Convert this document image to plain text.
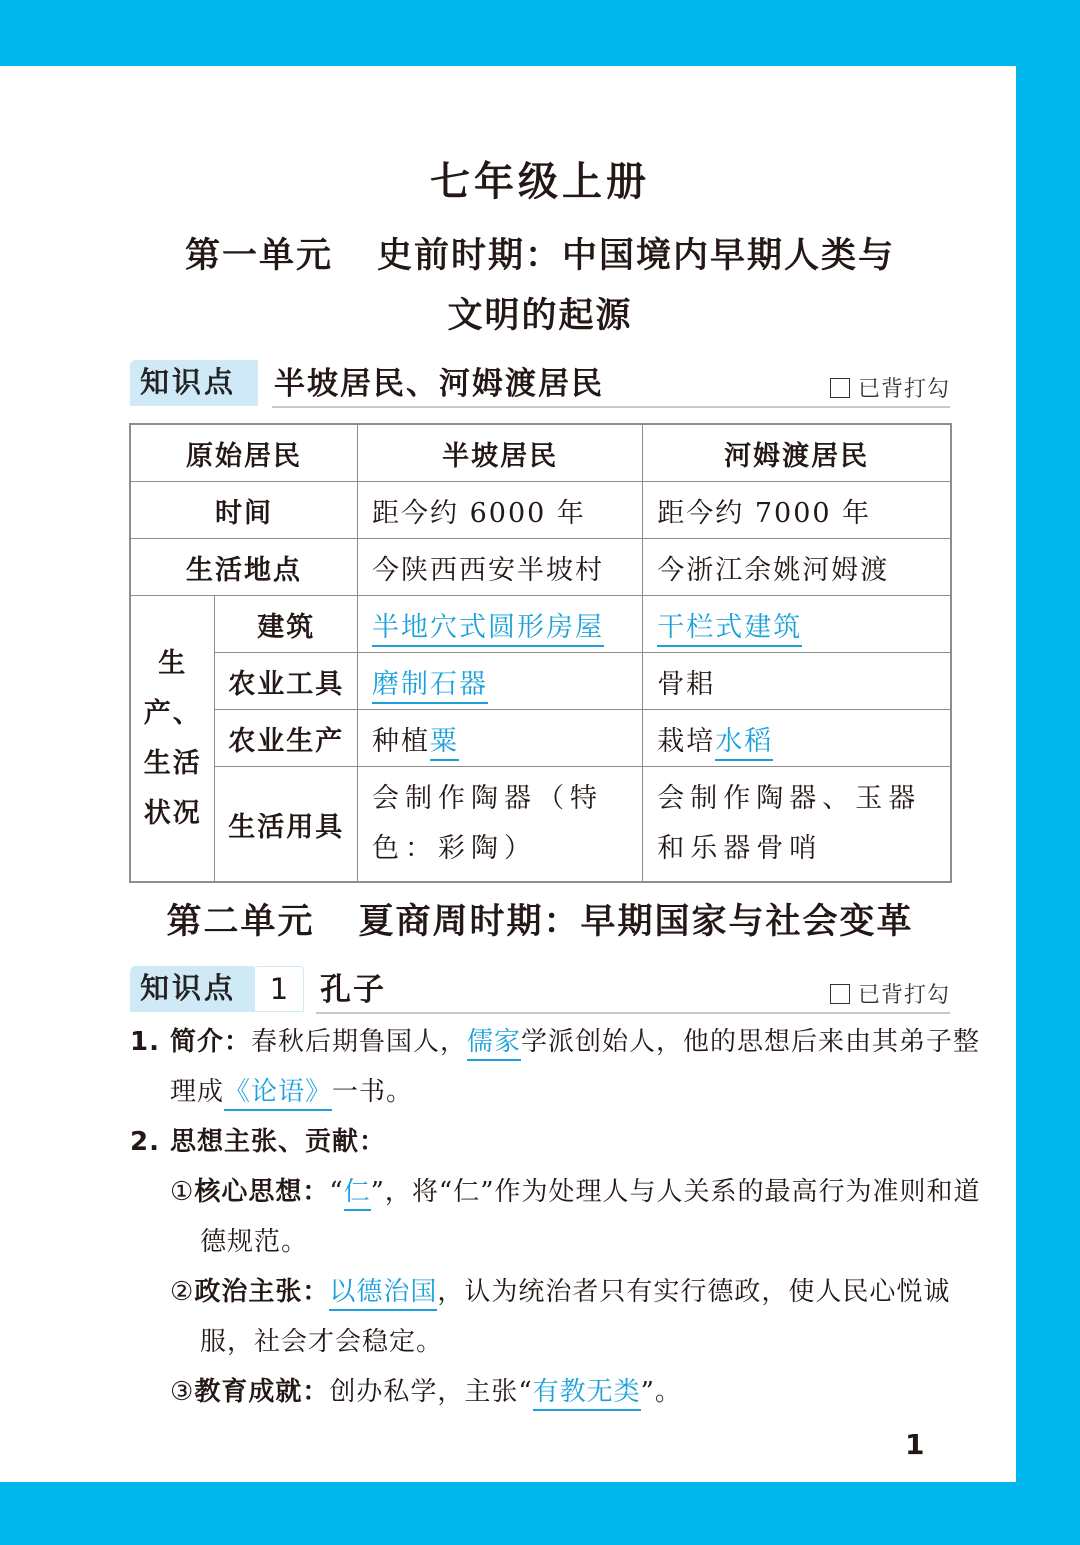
七年级上册
第一单元 史前时期：中国境内早期人类与
文明的起源
知识点	半坡居民、河姆渡居民	已背打勾
原始居民		半坡居民	河姆渡居民
时间		距今约 6000 年	距今约 7000 年
生活地点		今陕西西安半坡村	今浙江余姚河姆渡
生产、生活状况	建筑	半地穴式圆形房屋	干栏式建筑
	农业工具	磨制石器	骨耜
	农业生产	种植粟	栽培水稻
	生活用具	会制作陶器（特色：彩陶）	会制作陶器、玉器和乐器骨哨
第二单元 夏商周时期：早期国家与社会变革
知识点	1	孔子	已背打勾
1. 简介：春秋后期鲁国人，儒家学派创始人，他的思想后来由其弟子整理成《论语》一书。
2. 思想主张、贡献：
①核心思想：“仁”，将“仁”作为处理人与人关系的最高行为准则和道德规范。
②政治主张：以德治国，认为统治者只有实行德政，使人民心悦诚服，社会才会稳定。
③教育成就：创办私学，主张“有教无类”。
1
